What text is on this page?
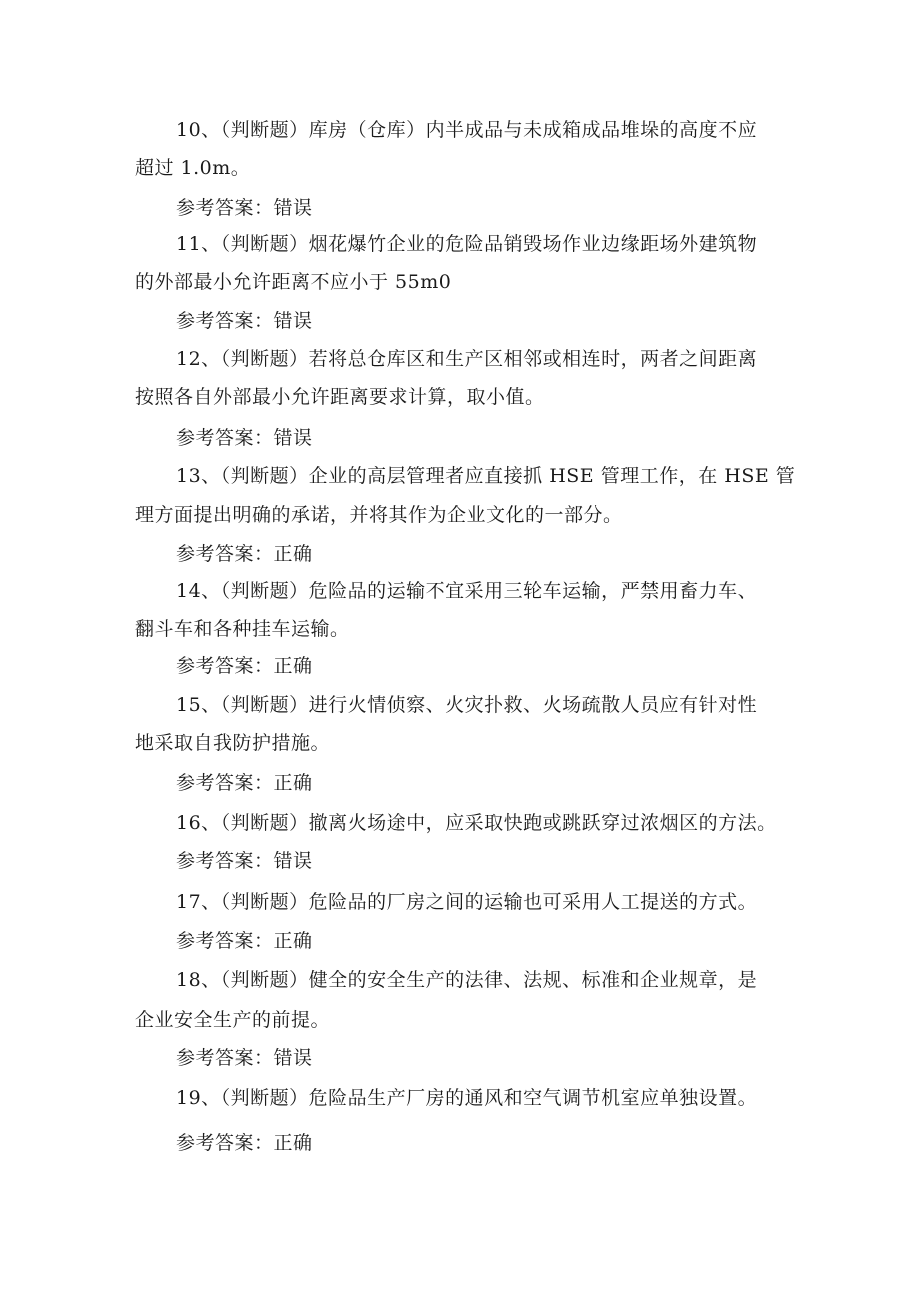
10、（判断题）库房（仓库）内半成品与未成箱成品堆垛的高度不应
超过 1.0m。
参考答案：错误
11、（判断题）烟花爆竹企业的危险品销毁场作业边缘距场外建筑物
的外部最小允许距离不应小于 55m0
参考答案：错误
12、（判断题）若将总仓库区和生产区相邻或相连时，两者之间距离
按照各自外部最小允许距离要求计算，取小值。
参考答案：错误
13、（判断题）企业的高层管理者应直接抓 HSE 管理工作，在 HSE 管
理方面提出明确的承诺，并将其作为企业文化的一部分。
参考答案：正确
14、（判断题）危险品的运输不宜采用三轮车运输，严禁用畜力车、
翻斗车和各种挂车运输。
参考答案：正确
15、（判断题）进行火情侦察、火灾扑救、火场疏散人员应有针对性
地采取自我防护措施。
参考答案：正确
16、（判断题）撤离火场途中，应采取快跑或跳跃穿过浓烟区的方法。
参考答案：错误
17、（判断题）危险品的厂房之间的运输也可采用人工提送的方式。
参考答案：正确
18、（判断题）健全的安全生产的法律、法规、标准和企业规章，是
企业安全生产的前提。
参考答案：错误
19、（判断题）危险品生产厂房的通风和空气调节机室应单独设置。
参考答案：正确
